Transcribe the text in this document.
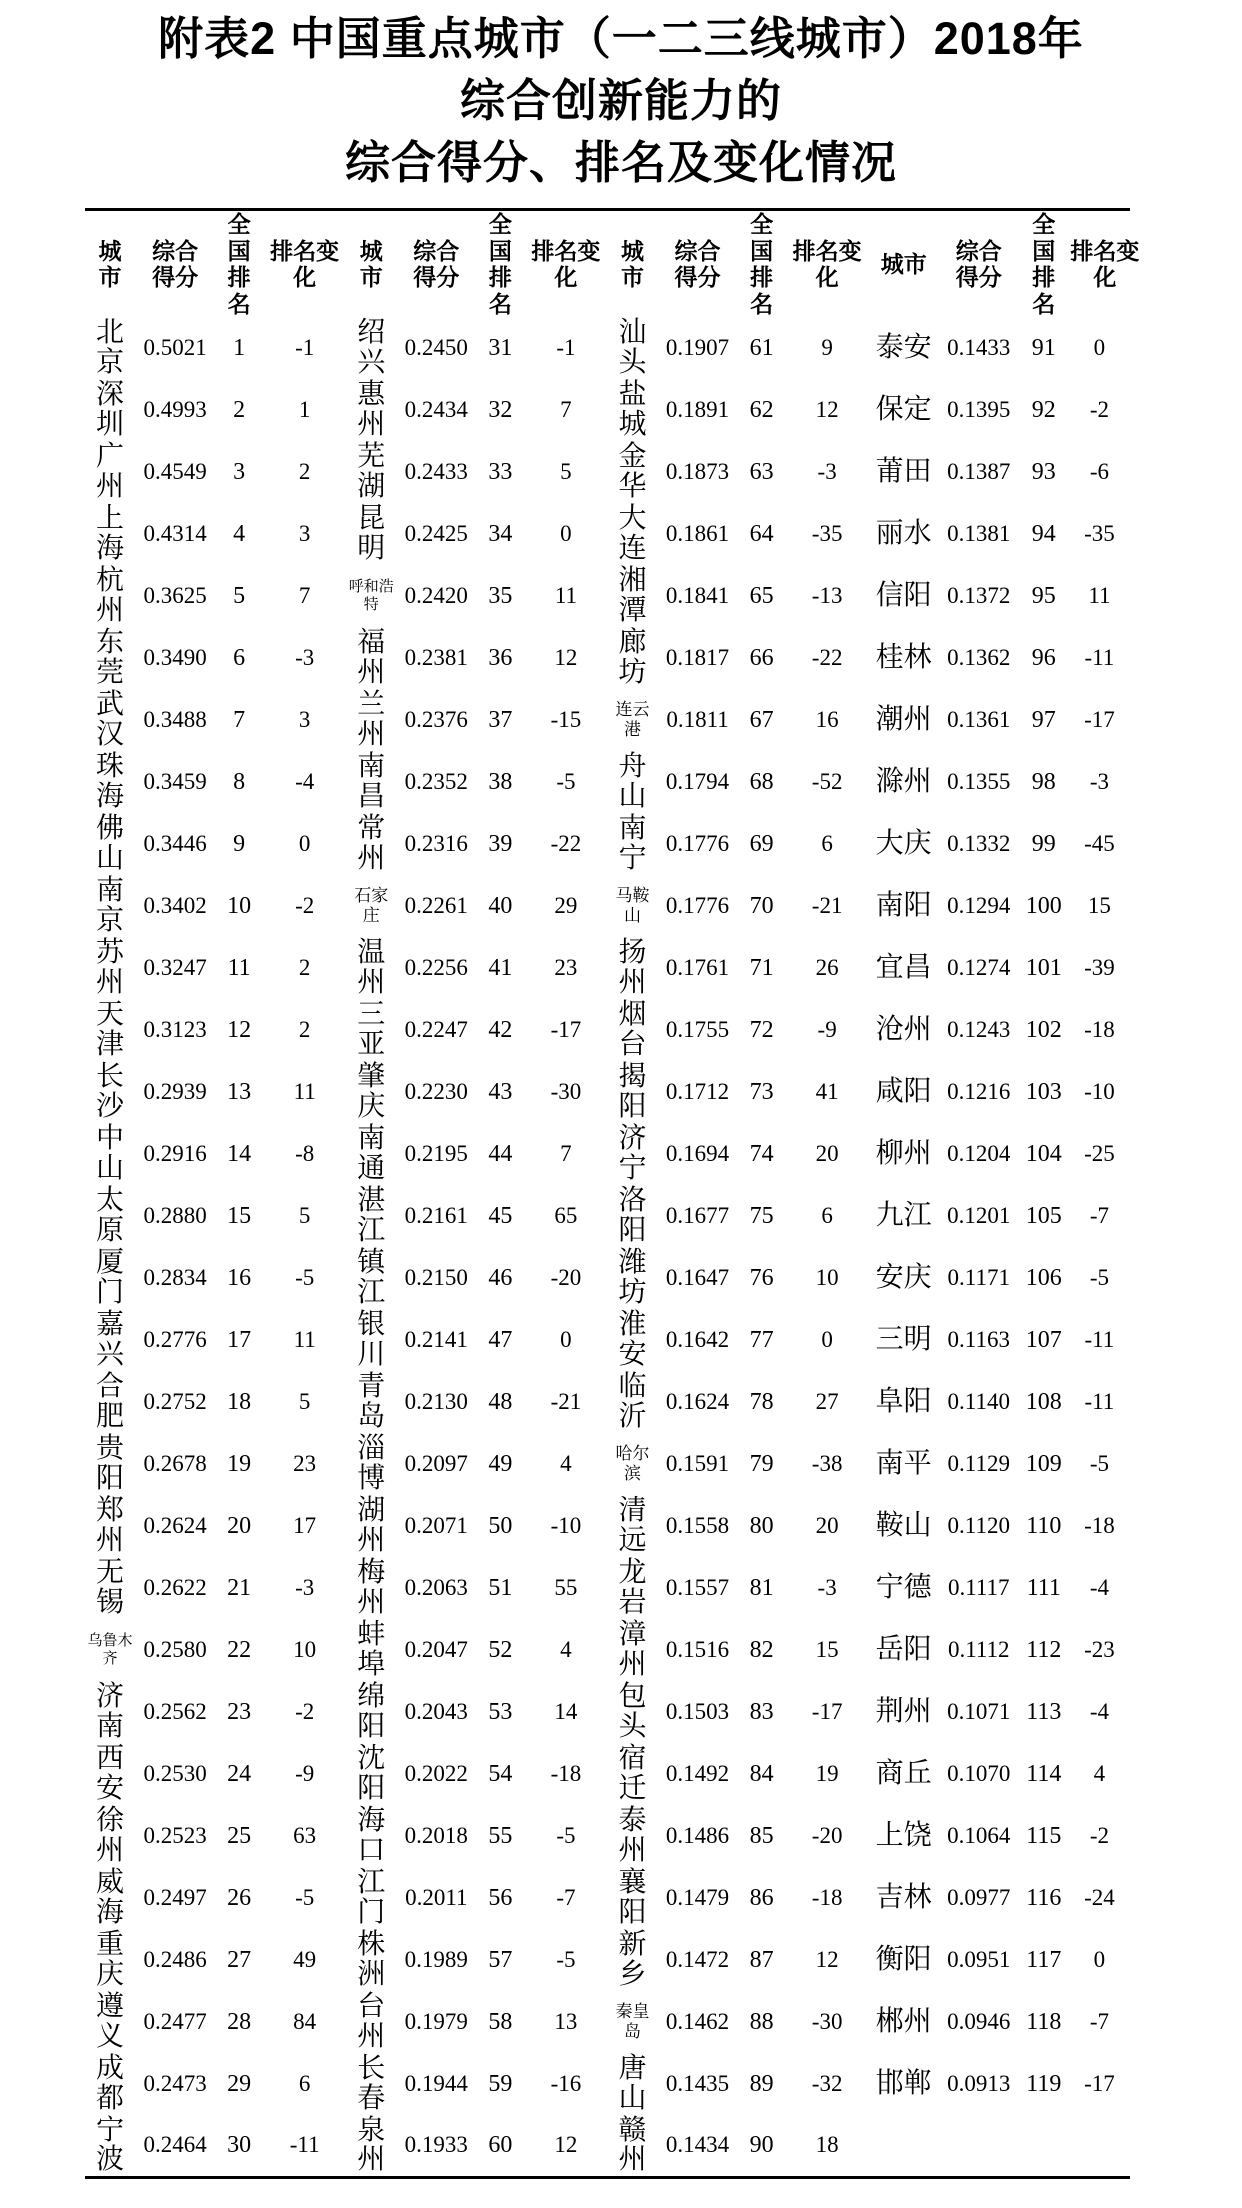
附表2 中国重点城市（一二三线城市）2018年
综合创新能力的
综合得分、排名及变化情况
城市	综合得分	全国排名	排名变化	城市	综合得分	全国排名	排名变化	城市	综合得分	全国排名	排名变化	城市	综合得分	全国排名	排名变化

北京	0.5021	1	-1	绍兴	0.2450	31	-1	汕头	0.1907	61	9	泰安	0.1433	91	0
深圳	0.4993	2	1	惠州	0.2434	32	7	盐城	0.1891	62	12	保定	0.1395	92	-2
广州	0.4549	3	2	芜湖	0.2433	33	5	金华	0.1873	63	-3	莆田	0.1387	93	-6
上海	0.4314	4	3	昆明	0.2425	34	0	大连	0.1861	64	-35	丽水	0.1381	94	-35
杭州	0.3625	5	7	呼和浩特	0.2420	35	11	湘潭	0.1841	65	-13	信阳	0.1372	95	11
东莞	0.3490	6	-3	福州	0.2381	36	12	廊坊	0.1817	66	-22	桂林	0.1362	96	-11
武汉	0.3488	7	3	兰州	0.2376	37	-15	连云港	0.1811	67	16	潮州	0.1361	97	-17
珠海	0.3459	8	-4	南昌	0.2352	38	-5	舟山	0.1794	68	-52	滁州	0.1355	98	-3
佛山	0.3446	9	0	常州	0.2316	39	-22	南宁	0.1776	69	6	大庆	0.1332	99	-45
南京	0.3402	10	-2	石家庄	0.2261	40	29	马鞍山	0.1776	70	-21	南阳	0.1294	100	15
苏州	0.3247	11	2	温州	0.2256	41	23	扬州	0.1761	71	26	宜昌	0.1274	101	-39
天津	0.3123	12	2	三亚	0.2247	42	-17	烟台	0.1755	72	-9	沧州	0.1243	102	-18
长沙	0.2939	13	11	肇庆	0.2230	43	-30	揭阳	0.1712	73	41	咸阳	0.1216	103	-10
中山	0.2916	14	-8	南通	0.2195	44	7	济宁	0.1694	74	20	柳州	0.1204	104	-25
太原	0.2880	15	5	湛江	0.2161	45	65	洛阳	0.1677	75	6	九江	0.1201	105	-7
厦门	0.2834	16	-5	镇江	0.2150	46	-20	潍坊	0.1647	76	10	安庆	0.1171	106	-5
嘉兴	0.2776	17	11	银川	0.2141	47	0	淮安	0.1642	77	0	三明	0.1163	107	-11
合肥	0.2752	18	5	青岛	0.2130	48	-21	临沂	0.1624	78	27	阜阳	0.1140	108	-11
贵阳	0.2678	19	23	淄博	0.2097	49	4	哈尔滨	0.1591	79	-38	南平	0.1129	109	-5
郑州	0.2624	20	17	湖州	0.2071	50	-10	清远	0.1558	80	20	鞍山	0.1120	110	-18
无锡	0.2622	21	-3	梅州	0.2063	51	55	龙岩	0.1557	81	-3	宁德	0.1117	111	-4
乌鲁木齐	0.2580	22	10	蚌埠	0.2047	52	4	漳州	0.1516	82	15	岳阳	0.1112	112	-23
济南	0.2562	23	-2	绵阳	0.2043	53	14	包头	0.1503	83	-17	荆州	0.1071	113	-4
西安	0.2530	24	-9	沈阳	0.2022	54	-18	宿迁	0.1492	84	19	商丘	0.1070	114	4
徐州	0.2523	25	63	海口	0.2018	55	-5	泰州	0.1486	85	-20	上饶	0.1064	115	-2
威海	0.2497	26	-5	江门	0.2011	56	-7	襄阳	0.1479	86	-18	吉林	0.0977	116	-24
重庆	0.2486	27	49	株洲	0.1989	57	-5	新乡	0.1472	87	12	衡阳	0.0951	117	0
遵义	0.2477	28	84	台州	0.1979	58	13	秦皇岛	0.1462	88	-30	郴州	0.0946	118	-7
成都	0.2473	29	6	长春	0.1944	59	-16	唐山	0.1435	89	-32	邯郸	0.0913	119	-17
宁波	0.2464	30	-11	泉州	0.1933	60	12	赣州	0.1434	90	18				
